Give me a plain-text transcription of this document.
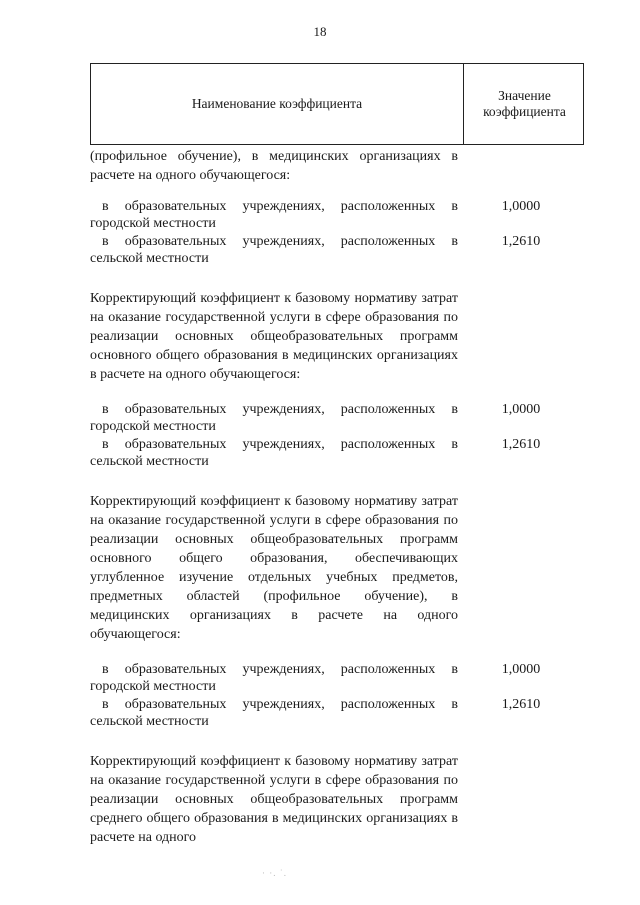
18
Наименование коэффициента
Значение коэффициента
(профильное обучение), в медицинских организациях в расчете на одного обучающегося:
в образовательных учреждениях, расположенных в городской местности
1,0000
в образовательных учреждениях, расположенных в сельской местности
1,2610
Корректирующий коэффициент к базовому нормативу затрат на оказание государственной услуги в сфере образования по реализации основных общеобразовательных программ основного общего образования в медицинских организациях в расчете на одного обучающегося:
в образовательных учреждениях, расположенных в городской местности
1,0000
в образовательных учреждениях, расположенных в сельской местности
1,2610
Корректирующий коэффициент к базовому нормативу затрат на оказание государственной услуги в сфере образования по реализации основных общеобразовательных программ основного общего образования, обеспечивающих углубленное изучение отдельных учебных предметов, предметных областей (профильное обучение), в медицинских организациях в расчете на одного обучающегося:
в образовательных учреждениях, расположенных в городской местности
1,0000
в образовательных учреждениях, расположенных в сельской местности
1,2610
Корректирующий коэффициент к базовому нормативу затрат на оказание государственной услуги в сфере образования по реализации основных общеобразовательных программ среднего общего образования в медицинских организациях в расчете на одного
· ·. ˙.
